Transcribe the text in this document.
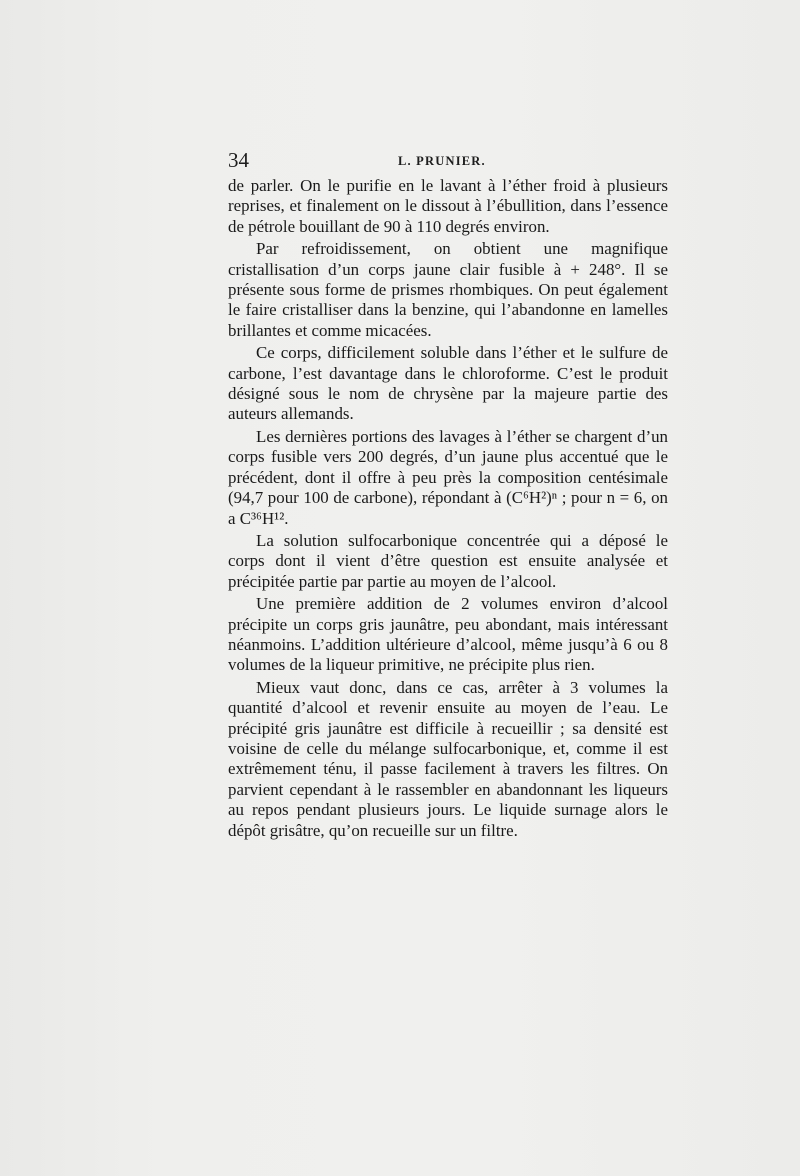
34	L. PRUNIER.

de parler. On le purifie en le lavant à l’éther froid à plusieurs reprises, et finalement on le dissout à l’ébullition, dans l’essence de pétrole bouillant de 90 à 110 degrés environ.

Par refroidissement, on obtient une magnifique cristallisation d’un corps jaune clair fusible à + 248°. Il se présente sous forme de prismes rhombiques. On peut également le faire cristalliser dans la benzine, qui l’abandonne en lamelles brillantes et comme micacées.

Ce corps, difficilement soluble dans l’éther et le sulfure de carbone, l’est davantage dans le chloroforme. C’est le produit désigné sous le nom de chrysène par la majeure partie des auteurs allemands.

Les dernières portions des lavages à l’éther se chargent d’un corps fusible vers 200 degrés, d’un jaune plus accentué que le précédent, dont il offre à peu près la composition centésimale (94,7 pour 100 de carbone), répondant à (C⁶H²)ⁿ ; pour n = 6, on a C³⁶H¹².

La solution sulfocarbonique concentrée qui a déposé le corps dont il vient d’être question est ensuite analysée et précipitée partie par partie au moyen de l’alcool.

Une première addition de 2 volumes environ d’alcool précipite un corps gris jaunâtre, peu abondant, mais intéressant néanmoins. L’addition ultérieure d’alcool, même jusqu’à 6 ou 8 volumes de la liqueur primitive, ne précipite plus rien.

Mieux vaut donc, dans ce cas, arrêter à 3 volumes la quantité d’alcool et revenir ensuite au moyen de l’eau. Le précipité gris jaunâtre est difficile à recueillir ; sa densité est voisine de celle du mélange sulfocarbonique, et, comme il est extrêmement ténu, il passe facilement à travers les filtres. On parvient cependant à le rassembler en abandonnant les liqueurs au repos pendant plusieurs jours. Le liquide surnage alors le dépôt grisâtre, qu’on recueille sur un filtre.
